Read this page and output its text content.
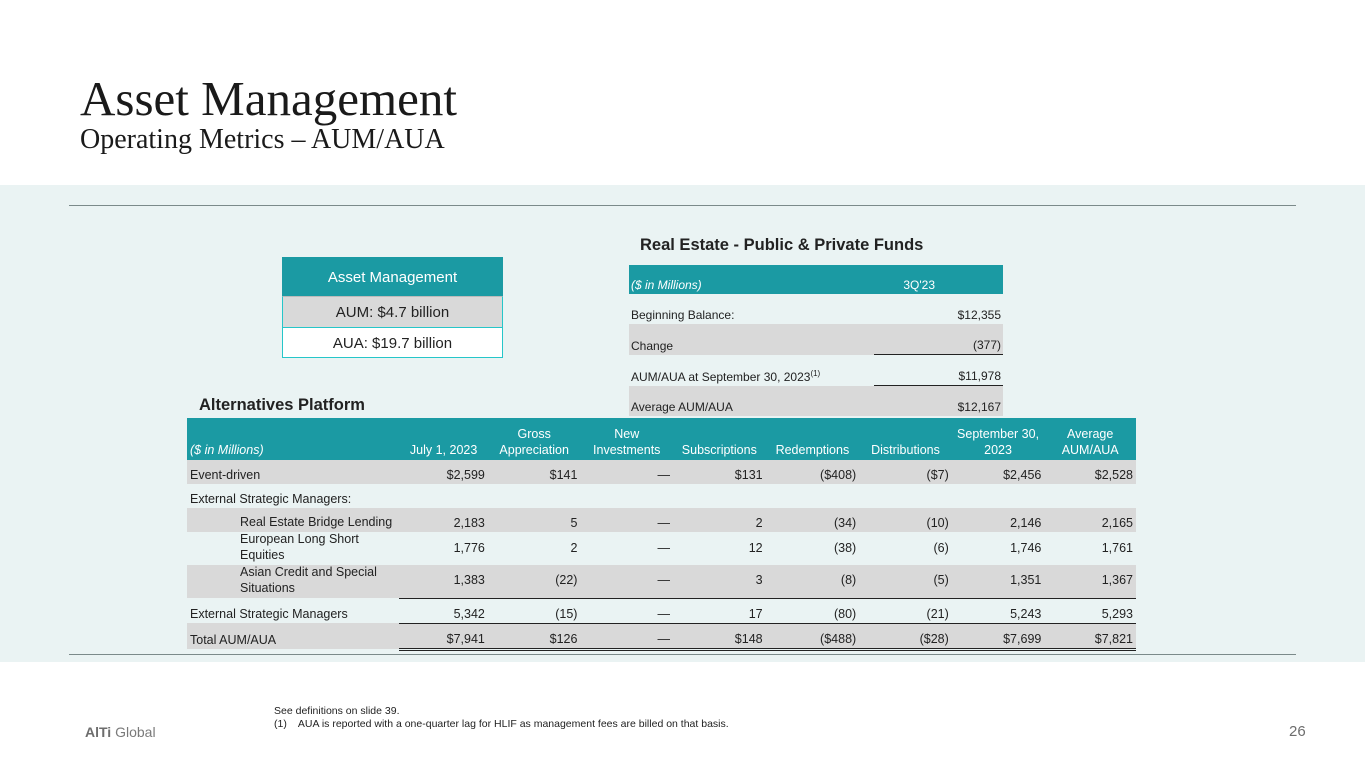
Asset Management
Operating Metrics – AUM/AUA
Asset Management
AUM: $4.7 billion
AUA: $19.7 billion
Real Estate - Public & Private Funds
($ in Millions)	3Q'23
Beginning Balance:	$12,355
Change	(377)
AUM/AUA at September 30, 2023$^{(1)}$	$11,978
Average AUM/AUA	$12,167
Alternatives Platform
($ in Millions)	July 1, 2023	Gross Appreciation	New Investments	Subscriptions	Redemptions	Distributions	September 30, 2023	Average AUM/AUA
Event-driven	$2,599	$141	—	$131	($408)	($7)	$2,456	$2,528
External Strategic Managers:								
Real Estate Bridge Lending	2,183	5	—	2	(34)	(10)	2,146	2,165
European Long Short Equities	1,776	2	—	12	(38)	(6)	1,746	1,761
Asian Credit and Special Situations	1,383	(22)	—	3	(8)	(5)	1,351	1,367
External Strategic Managers	5,342	(15)	—	17	(80)	(21)	5,243	5,293
Total AUM/AUA	$7,941	$126	—	$148	($488)	($28)	$7,699	$7,821

See definitions on slide 39.

(1)    AUA is reported with a one-quarter lag for HLIF as management fees are billed on that basis.

AlTi Global	26
